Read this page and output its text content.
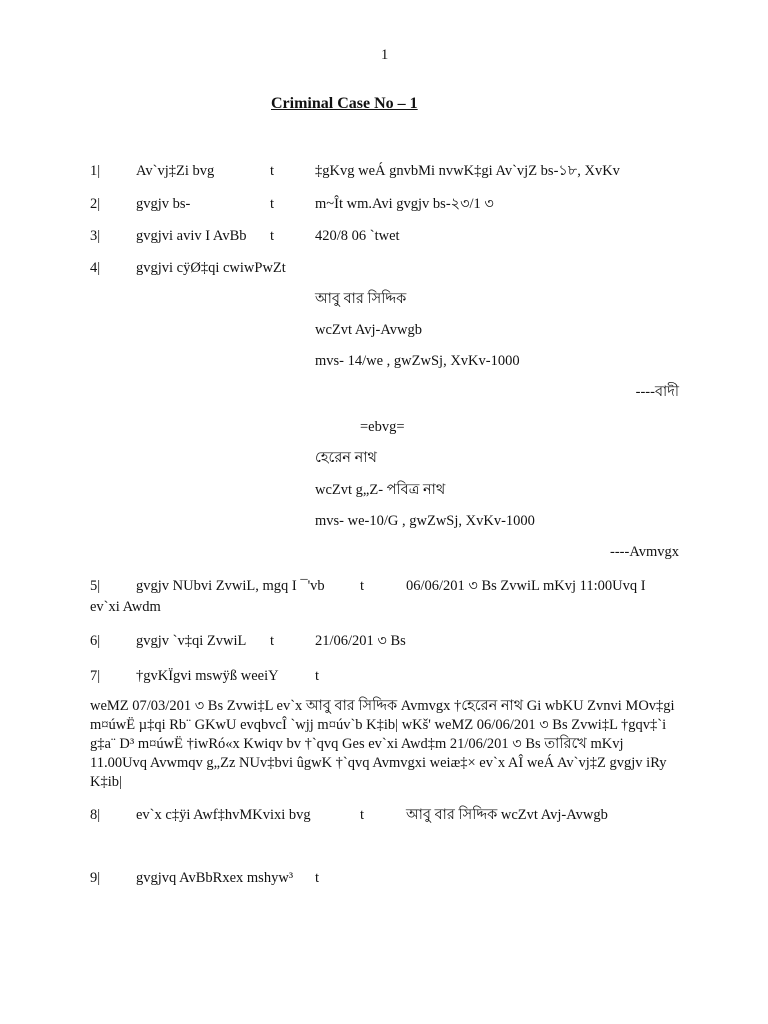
1
Criminal Case No – 1
1| Av`vj‡Zi bvg	t	‡gKvg weÁ gnvbMi nvwK‡gi Av`vjZ bs-১৮, XvKv
2| gvgjv bs-	t	m~Ît wm.Avi gvgjv bs-২৩/1 ৩
3| gvgjvi aviv I AvBb t	420/8 06 `twet
4| gvgjvi cÿØ‡qi cwiwPwZt
আবু বার সিদ্দিক
wcZvt Avj-Avwgb
mvs- 14/we , gwZwSj, XvKv-1000
----বাদী
=ebvg=
হেরেন নাথ
wcZvt g„Z- পবিত্র নাথ
mvs- we-10/G , gwZwSj, XvKv-1000
----Avmvgx
5| gvgjv NUbvi ZvwiL, mgq I ¯'vb t	06/06/201 ৩ Bs ZvwiL mKvj 11:00Uvq I
ev`xi Awdm
6| gvgjv `v‡qi ZvwiL t	21/06/201 ৩ Bs
7| †gvKÏgvi mswÿß weeiY	t
weMZ 07/03/201 ৩ Bs Zvwi‡L ev`x আবু বার সিদ্দিক Avmvgx †হেরেন নাথ Gi wbKU Zvnvi MOv‡gi m¤úwË µ‡qi Rb¨ GKwU evqbvcÎ `wjj m¤úv`b K‡ib| wKš' weMZ 06/06/201 ৩ Bs Zvwi‡L †gqv‡`i g‡a¨ D³ m¤úwË †iwRó«x Kwiqv bv †`qvq Ges ev`xi Awd‡m 21/06/201 ৩ Bs তারিখে mKvj 11.00Uvq Avwmqv g„Zz NUv‡bvi ûgwK †`qvq Avmvgxi weiæ‡× ev`x AÎ weÁ Av`vj‡Z gvgjv iRy K‡ib|
8| ev`x c‡ÿi Awf‡hvMKvixi bvg	t	আবু বার সিদ্দিক wcZvt Avj-Avwgb
9| gvgjvq AvBbRxex mshyw³ t
